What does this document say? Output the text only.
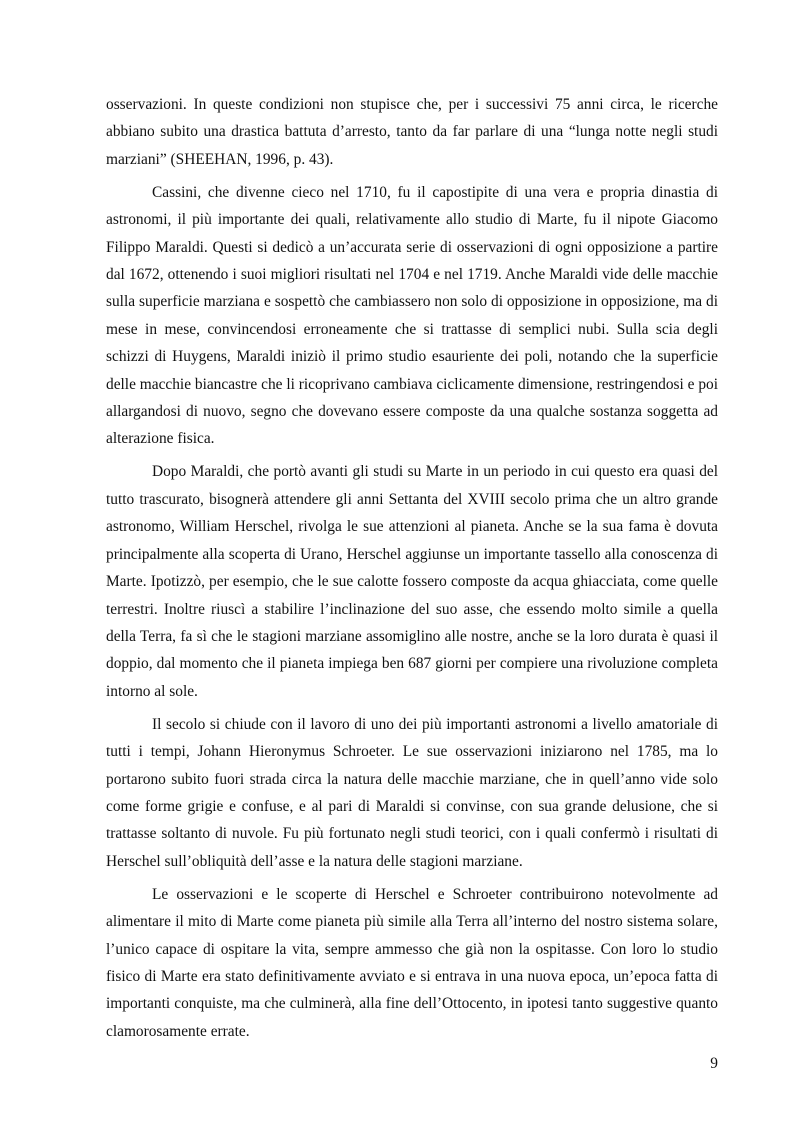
osservazioni. In queste condizioni non stupisce che, per i successivi 75 anni circa, le ricerche abbiano subito una drastica battuta d’arresto, tanto da far parlare di una “lunga notte negli studi marziani” (SHEEHAN, 1996, p. 43).

Cassini, che divenne cieco nel 1710, fu il capostipite di una vera e propria dinastia di astronomi, il più importante dei quali, relativamente allo studio di Marte, fu il nipote Giacomo Filippo Maraldi. Questi si dedicò a un’accurata serie di osservazioni di ogni opposizione a partire dal 1672, ottenendo i suoi migliori risultati nel 1704 e nel 1719. Anche Maraldi vide delle macchie sulla superficie marziana e sospettò che cambiassero non solo di opposizione in opposizione, ma di mese in mese, convincendosi erroneamente che si trattasse di semplici nubi. Sulla scia degli schizzi di Huygens, Maraldi iniziò il primo studio esauriente dei poli, notando che la superficie delle macchie biancastre che li ricoprivano cambiava ciclicamente dimensione, restringendosi e poi allargandosi di nuovo, segno che dovevano essere composte da una qualche sostanza soggetta ad alterazione fisica.

Dopo Maraldi, che portò avanti gli studi su Marte in un periodo in cui questo era quasi del tutto trascurato, bisognerà attendere gli anni Settanta del XVIII secolo prima che un altro grande astronomo, William Herschel, rivolga le sue attenzioni al pianeta. Anche se la sua fama è dovuta principalmente alla scoperta di Urano, Herschel aggiunse un importante tassello alla conoscenza di Marte. Ipotizzò, per esempio, che le sue calotte fossero composte da acqua ghiacciata, come quelle terrestri. Inoltre riuscì a stabilire l’inclinazione del suo asse, che essendo molto simile a quella della Terra, fa sì che le stagioni marziane assomiglino alle nostre, anche se la loro durata è quasi il doppio, dal momento che il pianeta impiega ben 687 giorni per compiere una rivoluzione completa intorno al sole.

Il secolo si chiude con il lavoro di uno dei più importanti astronomi a livello amatoriale di tutti i tempi, Johann Hieronymus Schroeter. Le sue osservazioni iniziarono nel 1785, ma lo portarono subito fuori strada circa la natura delle macchie marziane, che in quell’anno vide solo come forme grigie e confuse, e al pari di Maraldi si convinse, con sua grande delusione, che si trattasse soltanto di nuvole. Fu più fortunato negli studi teorici, con i quali confermò i risultati di Herschel sull’obliquità dell’asse e la natura delle stagioni marziane.

Le osservazioni e le scoperte di Herschel e Schroeter contribuirono notevolmente ad alimentare il mito di Marte come pianeta più simile alla Terra all’interno del nostro sistema solare, l’unico capace di ospitare la vita, sempre ammesso che già non la ospitasse. Con loro lo studio fisico di Marte era stato definitivamente avviato e si entrava in una nuova epoca, un’epoca fatta di importanti conquiste, ma che culminerà, alla fine dell’Ottocento, in ipotesi tanto suggestive quanto clamorosamente errate.

9
